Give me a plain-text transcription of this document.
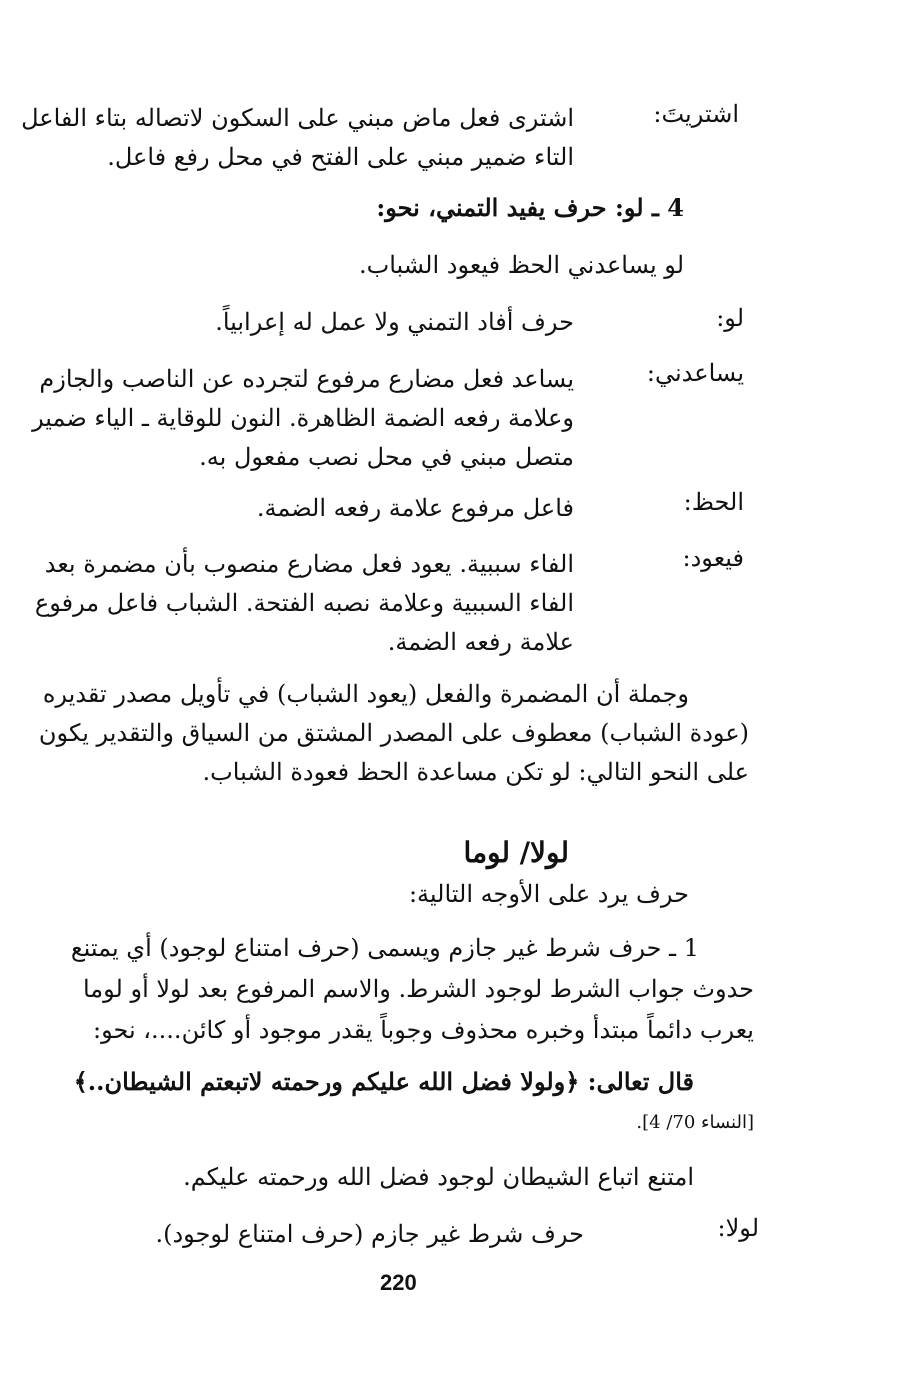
اشتريتَ:
اشترى فعل ماض مبني على السكون لاتصاله بتاء الفاعل
التاء ضمير مبني على الفتح في محل رفع فاعل.
4 ـ لو: حرف يفيد التمني، نحو:
لو يساعدني الحظ فيعود الشباب.
لو:
حرف أفاد التمني ولا عمل له إعرابياً.
يساعدني:
يساعد فعل مضارع مرفوع لتجرده عن الناصب والجازم
وعلامة رفعه الضمة الظاهرة. النون للوقاية ـ الياء ضمير
متصل مبني في محل نصب مفعول به.
الحظ:
فاعل مرفوع علامة رفعه الضمة.
فيعود:
الفاء سببية. يعود فعل مضارع منصوب بأن مضمرة بعد
الفاء السببية وعلامة نصبه الفتحة. الشباب فاعل مرفوع
علامة رفعه الضمة.
وجملة أن المضمرة والفعل (يعود الشباب) في تأويل مصدر تقديره
(عودة الشباب) معطوف على المصدر المشتق من السياق والتقدير يكون
على النحو التالي: لو تكن مساعدة الحظ فعودة الشباب.
لولا/ لوما
حرف يرد على الأوجه التالية:
1 ـ حرف شرط غير جازم ويسمى (حرف امتناع لوجود) أي يمتنع
حدوث جواب الشرط لوجود الشرط. والاسم المرفوع بعد لولا أو لوما
يعرب دائماً مبتدأ وخبره محذوف وجوباً يقدر موجود أو كائن....، نحو:
قال تعالى: ﴿ولولا فضل الله عليكم ورحمته لاتبعتم الشيطان..﴾
[النساء 70/ 4].
امتنع اتباع الشيطان لوجود فضل الله ورحمته عليكم.
لولا:
حرف شرط غير جازم (حرف امتناع لوجود).
220
